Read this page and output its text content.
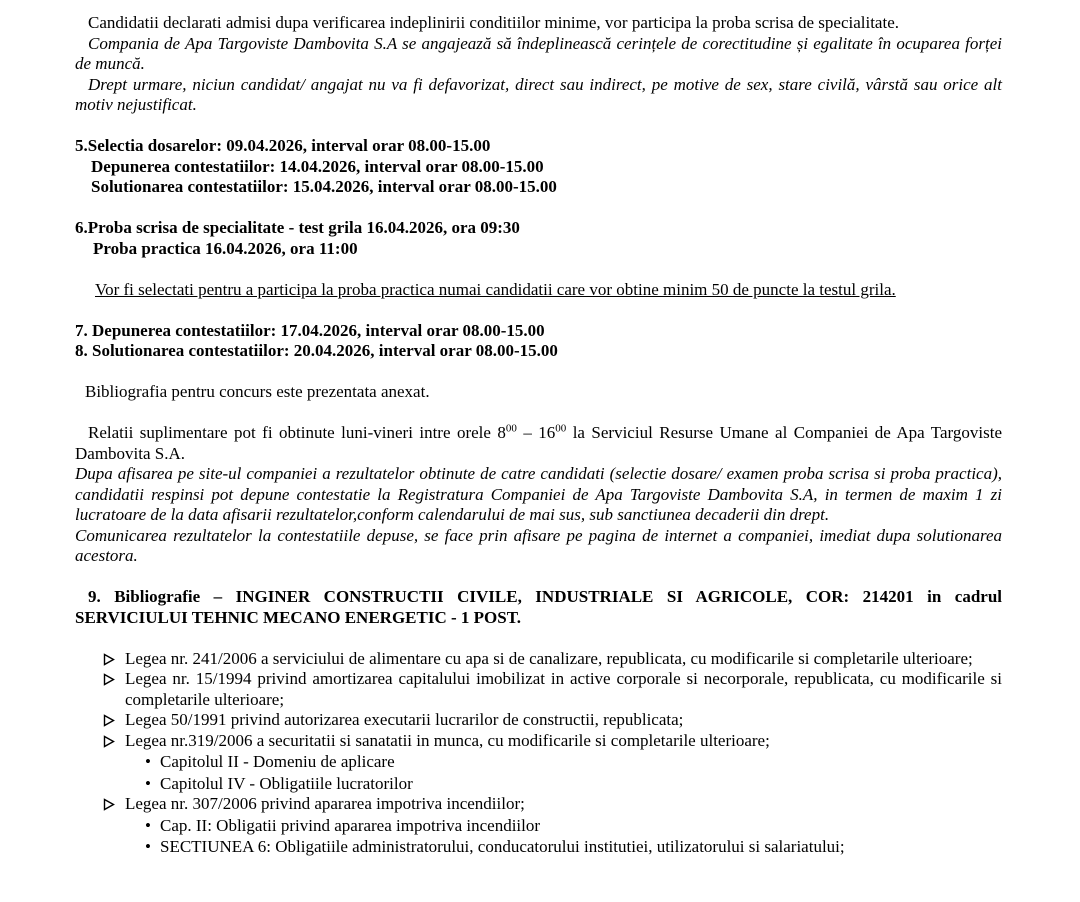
Candidatii declarati admisi dupa verificarea indeplinirii conditiilor minime, vor participa la proba scrisa de specialitate.

Compania de Apa Targoviste Dambovita S.A se angajează să îndeplinească cerințele de corectitudine și egalitate în ocuparea forței de muncă.

Drept urmare, niciun candidat/ angajat nu va fi defavorizat, direct sau indirect, pe motive de sex, stare civilă, vârstă sau orice alt motiv nejustificat.

5.Selectia dosarelor: 09.04.2026, interval orar 08.00-15.00

Depunerea contestatiilor: 14.04.2026, interval orar 08.00-15.00

Solutionarea contestatiilor: 15.04.2026, interval orar 08.00-15.00

6.Proba scrisa de specialitate - test grila 16.04.2026, ora 09:30

Proba practica 16.04.2026, ora 11:00

Vor fi selectati pentru a participa la proba practica numai candidatii care vor obtine minim 50 de puncte la testul grila.

7. Depunerea contestatiilor: 17.04.2026, interval orar 08.00-15.00

8. Solutionarea contestatiilor: 20.04.2026, interval orar 08.00-15.00

Bibliografia pentru concurs este prezentata anexat.

Relatii suplimentare pot fi obtinute luni-vineri intre orele $8^{00} - 16^{00}$ la Serviciul Resurse Umane al Companiei de Apa Targoviste Dambovita S.A.

Dupa afisarea pe site-ul companiei a rezultatelor obtinute de catre candidati (selectie dosare/ examen proba scrisa si proba practica), candidatii respinsi pot depune contestatie la Registratura Companiei de Apa Targoviste Dambovita S.A, in termen de maxim 1 zi lucratoare de la data afisarii rezultatelor,conform calendarului de mai sus, sub sanctiunea decaderii din drept.

Comunicarea rezultatelor la contestatiile depuse, se face prin afisare pe pagina de internet a companiei, imediat dupa solutionarea acestora.

9. Bibliografie – INGINER CONSTRUCTII CIVILE, INDUSTRIALE SI AGRICOLE, COR: 214201 in cadrul SERVICIULUI TEHNIC MECANO ENERGETIC - 1 POST.

Legea nr. 241/2006 a serviciului de alimentare cu apa si de canalizare, republicata, cu modificarile si completarile ulterioare;
Legea nr. 15/1994 privind amortizarea capitalului imobilizat in active corporale si necorporale, republicata, cu modificarile si completarile ulterioare;
Legea 50/1991 privind autorizarea executarii lucrarilor de constructii, republicata;
Legea nr.319/2006 a securitatii si sanatatii in munca, cu modificarile si completarile ulterioare;
• Capitolul II - Domeniu de aplicare
• Capitolul IV - Obligatiile lucratorilor
Legea nr. 307/2006 privind apararea impotriva incendiilor;
• Cap. II: Obligatii privind apararea impotriva incendiilor
• SECTIUNEA 6: Obligatiile administratorului, conducatorului institutiei, utilizatorului si salariatului;
